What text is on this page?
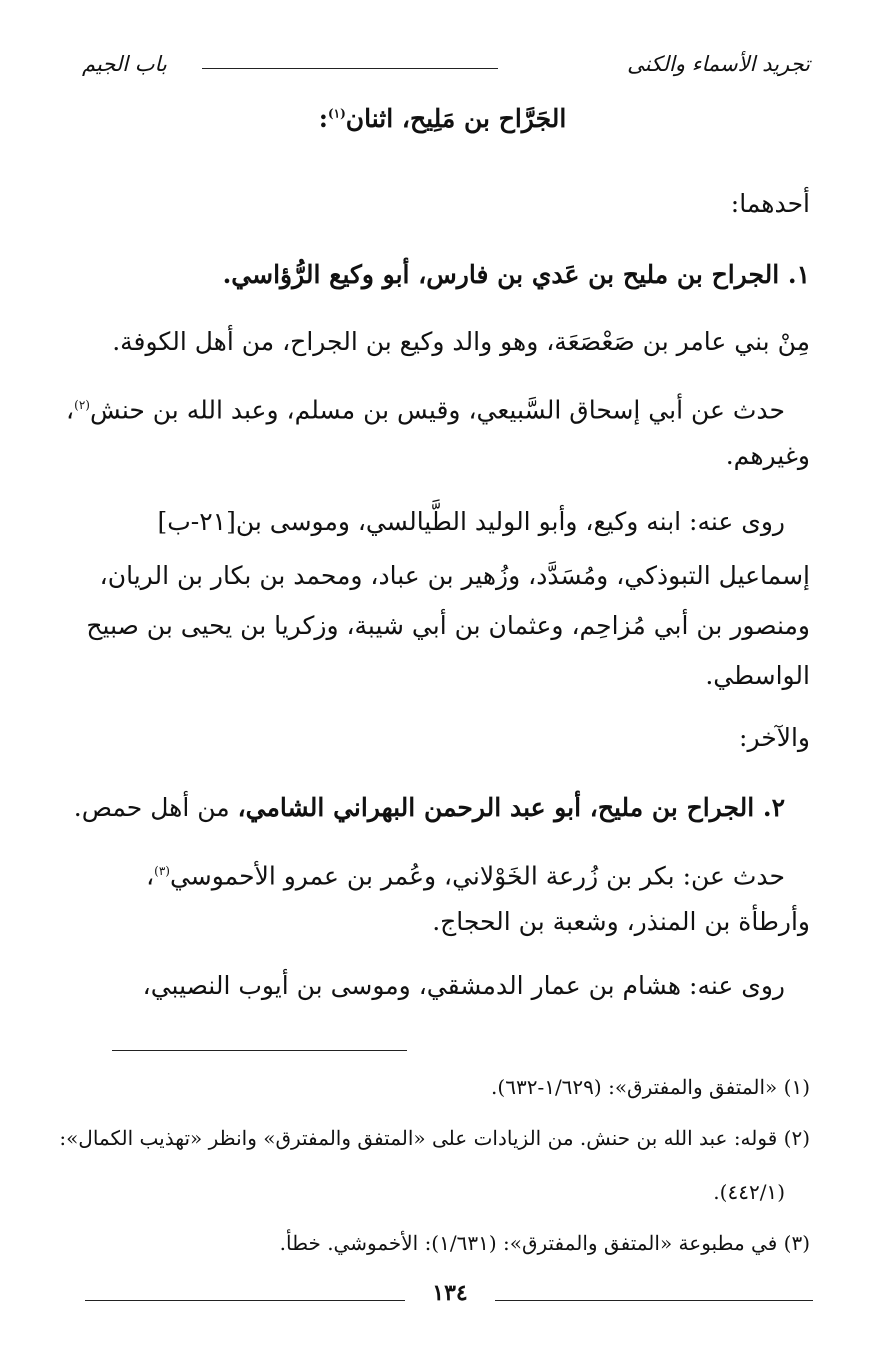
تجريد الأسماء والكنى
باب الجيم
الجَرَّاح بن مَلِيح، اثنان$^{(١)}$:
أحدهما:
١. الجراح بن مليح بن عَدي بن فارس، أبو وكيع الرُّؤاسي.
مِنْ بني عامر بن صَعْصَعَة، وهو والد وكيع بن الجراح، من أهل الكوفة.
حدث عن أبي إسحاق السَّبيعي، وقيس بن مسلم، وعبد الله بن حنش$^{(٢)}$،
وغيرهم.
روى عنه: ابنه وكيع، وأبو الوليد الطَّيالسي، وموسى بن[٢١-ب]
إسماعيل التبوذكي، ومُسَدَّد، وزُهير بن عباد، ومحمد بن بكار بن الريان،
ومنصور بن أبي مُزاحِم، وعثمان بن أبي شيبة، وزكريا بن يحيى بن صبيح
الواسطي.
والآخر:
٢. الجراح بن مليح، أبو عبد الرحمن البهراني الشامي، من أهل حمص.
حدث عن: بكر بن زُرعة الخَوْلاني، وعُمر بن عمرو الأحموسي$^{(٣)}$،
وأرطأة بن المنذر، وشعبة بن الحجاج.
روى عنه: هشام بن عمار الدمشقي، وموسى بن أيوب النصيبي،
(١) «المتفق والمفترق»: (١/٦٢٩-٦٣٢).
(٢) قوله: عبد الله بن حنش. من الزيادات على «المتفق والمفترق» وانظر «تهذيب الكمال»:
(٤٤٢/١).
(٣) في مطبوعة «المتفق والمفترق»: (١/٦٣١): الأخموشي. خطأ.
١٣٤
